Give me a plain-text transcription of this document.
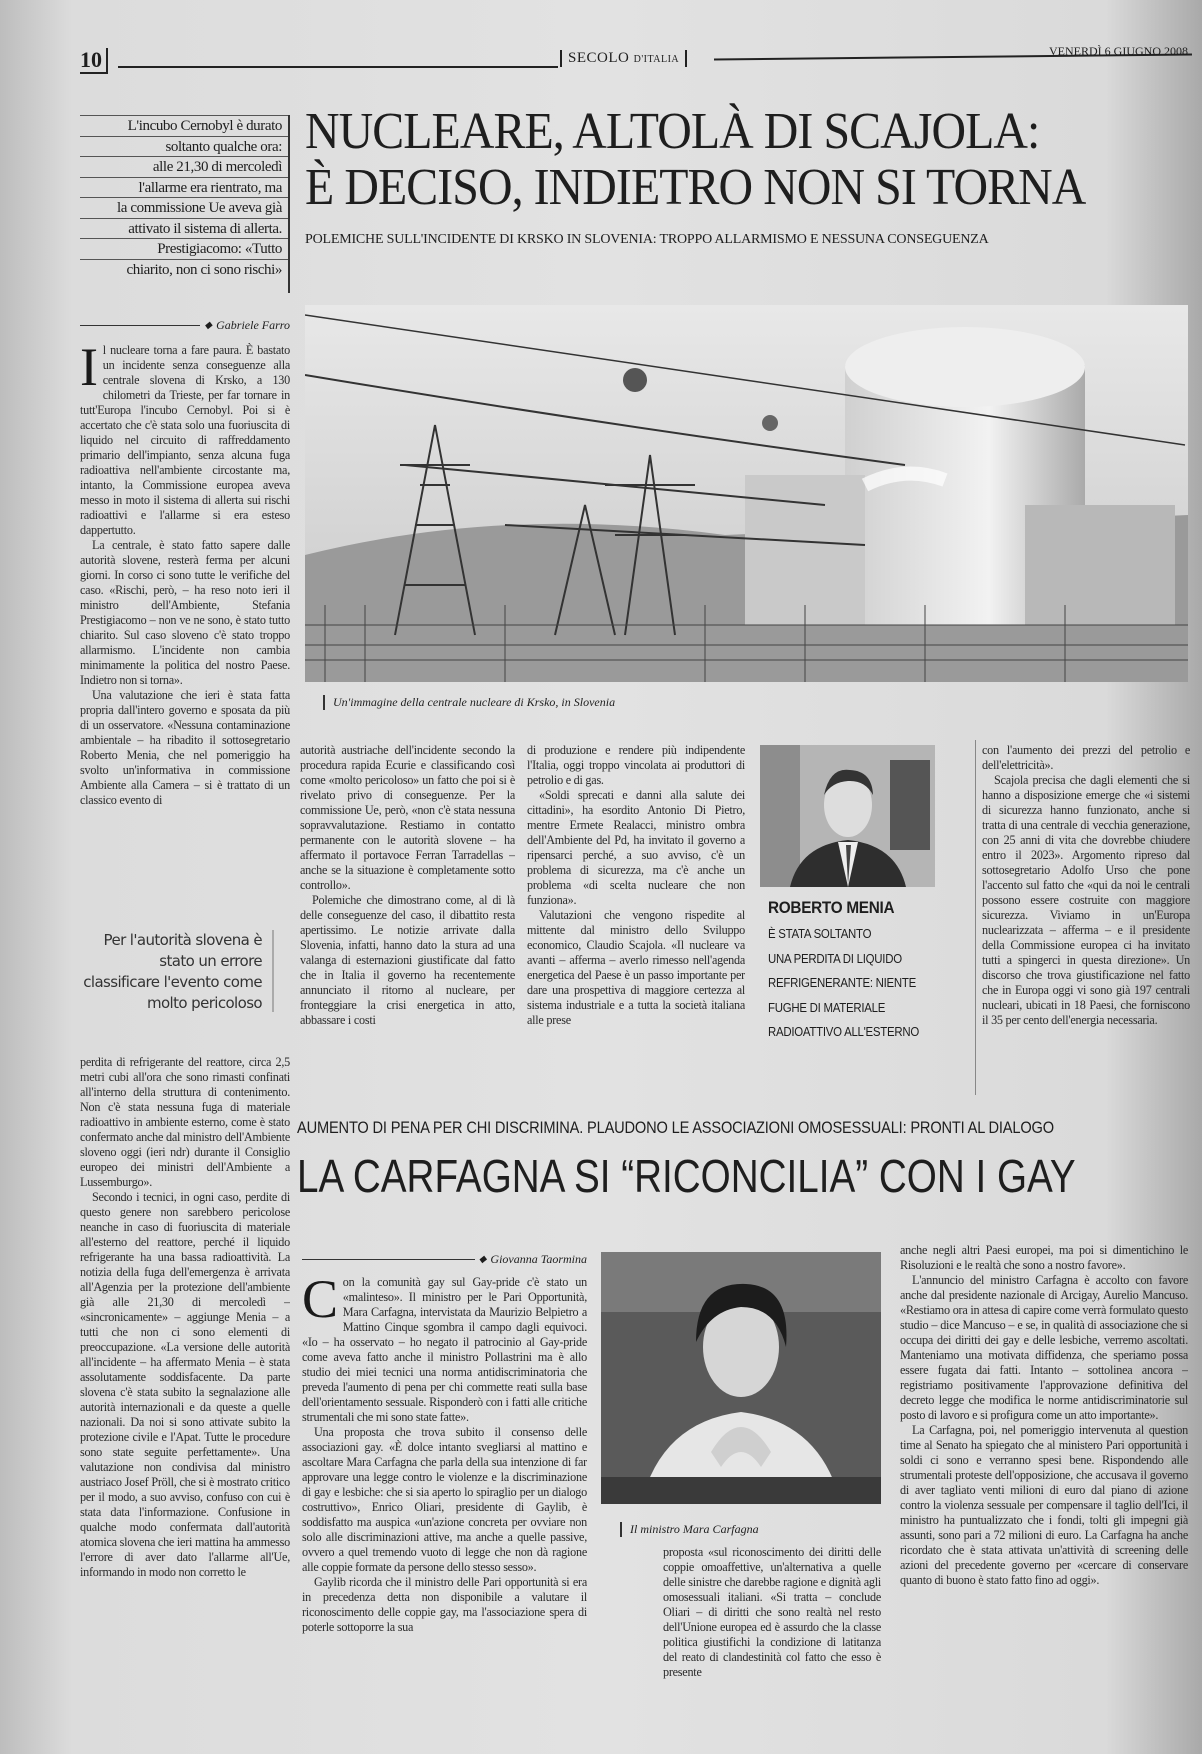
10	SECOLO D'ITALIA
VENERDÌ 6 GIUGNO 2008
L'incubo Cernobyl è durato
soltanto qualche ora:
alle 21,30 di mercoledì
l'allarme era rientrato, ma
la commissione Ue aveva già
attivato il sistema di allerta.
Prestigiacomo: «Tutto
chiarito, non ci sono rischi»
NUCLEARE, ALTOLÀ DI SCAJOLA:
È DECISO, INDIETRO NON SI TORNA
POLEMICHE SULL'INCIDENTE DI KRSKO IN SLOVENIA: TROPPO ALLARMISMO E NESSUNA CONSEGUENZA
Un'immagine della centrale nucleare di Krsko, in Slovenia
◆ Gabriele Farro
I l nucleare torna a fare paura. È bastato un incidente senza conseguenze alla centrale slovena di Krsko, a 130 chilometri da Trieste, per far tornare in tutt'Europa l'incubo Cernobyl. Poi si è accertato che c'è stata solo una fuoriuscita di liquido nel circuito di raffreddamento primario dell'impianto, senza alcuna fuga radioattiva nell'ambiente circostante ma, intanto, la Commissione europea aveva messo in moto il sistema di allerta sui rischi radioattivi e l'allarme si era esteso dappertutto.

La centrale, è stato fatto sapere dalle autorità slovene, resterà ferma per alcuni giorni. In corso ci sono tutte le verifiche del caso. «Rischi, però, – ha reso noto ieri il ministro dell'Ambiente, Stefania Prestigiacomo – non ve ne sono, è stato tutto chiarito. Sul caso sloveno c'è stato troppo allarmismo. L'incidente non cambia minimamente la politica del nostro Paese. Indietro non si torna».

Una valutazione che ieri è stata fatta propria dall'intero governo e sposata da più di un osservatore. «Nessuna contaminazione ambientale – ha ribadito il sottosegretario Roberto Menia, che nel pomeriggio ha svolto un'informativa in commissione Ambiente alla Camera – si è trattato di un classico evento di

Per l'autorità slovena è stato un errore classificare l'evento come molto pericoloso

perdita di refrigerante del reattore, circa 2,5 metri cubi all'ora che sono rimasti confinati all'interno della struttura di contenimento. Non c'è stata nessuna fuga di materiale radioattivo in ambiente esterno, come è stato confermato anche dal ministro dell'Ambiente sloveno oggi (ieri ndr) durante il Consiglio europeo dei ministri dell'Ambiente a Lussemburgo».

Secondo i tecnici, in ogni caso, perdite di questo genere non sarebbero pericolose neanche in caso di fuoriuscita di materiale all'esterno del reattore, perché il liquido refrigerante ha una bassa radioattività. La notizia della fuga dell'emergenza è arrivata all'Agenzia per la protezione dell'ambiente già alle 21,30 di mercoledì – «sincronicamente» – aggiunge Menia – a tutti che non ci sono elementi di preoccupazione. «La versione delle autorità all'incidente – ha affermato Menia – è stata assolutamente soddisfacente. Da parte slovena c'è stata subito la segnalazione alle autorità internazionali e da queste a quelle nazionali. Da noi si sono attivate subito la protezione civile e l'Apat. Tutte le procedure sono state seguite perfettamente». Una valutazione non condivisa dal ministro austriaco Josef Pröll, che si è mostrato critico per il modo, a suo avviso, confuso con cui è stata data l'informazione. Confusione in qualche modo confermata dall'autorità atomica slovena che ieri mattina ha ammesso l'errore di aver dato l'allarme all'Ue, informando in modo non corretto le

autorità austriache dell'incidente secondo la procedura rapida Ecurie e classificando così come «molto pericoloso» un fatto che poi si è rivelato privo di conseguenze. Per la commissione Ue, però, «non c'è stata nessuna sopravvalutazione. Restiamo in contatto permanente con le autorità slovene – ha affermato il portavoce Ferran Tarradellas – anche se la situazione è completamente sotto controllo».

Polemiche che dimostrano come, al di là delle conseguenze del caso, il dibattito resta apertissimo. Le notizie arrivate dalla Slovenia, infatti, hanno dato la stura ad una valanga di esternazioni giustificate dal fatto che in Italia il governo ha recentemente annunciato il ritorno al nucleare, per fronteggiare la crisi energetica in atto, abbassare i costi

di produzione e rendere più indipendente l'Italia, oggi troppo vincolata ai produttori di petrolio e di gas.

«Soldi sprecati e danni alla salute dei cittadini», ha esordito Antonio Di Pietro, mentre Ermete Realacci, ministro ombra dell'Ambiente del Pd, ha invitato il governo a ripensarci perché, a suo avviso, c'è un problema di sicurezza, ma c'è anche un problema «di scelta nucleare che non funziona».

Valutazioni che vengono rispedite al mittente dal ministro dello Sviluppo economico, Claudio Scajola. «Il nucleare va avanti – afferma – averlo rimesso nell'agenda energetica del Paese è un passo importante per dare una prospettiva di maggiore certezza al sistema industriale e a tutta la società italiana alle prese

ROBERTO MENIA
È STATA SOLTANTO
UNA PERDITA DI LIQUIDO
REFRIGENERANTE: NIENTE
FUGHE DI MATERIALE
RADIOATTIVO ALL'ESTERNO

con l'aumento dei prezzi del petrolio e dell'elettricità».

Scajola precisa che dagli elementi che si hanno a disposizione emerge che «i sistemi di sicurezza hanno funzionato, anche si tratta di una centrale di vecchia generazione, con 25 anni di vita che dovrebbe chiudere entro il 2023». Argomento ripreso dal sottosegretario Adolfo Urso che pone l'accento sul fatto che «qui da noi le centrali possono essere costruite con maggiore sicurezza. Viviamo in un'Europa nuclearizzata – afferma – e il presidente della Commissione europea ci ha invitato tutti a spingerci in questa direzione». Un discorso che trova giustificazione nel fatto che in Europa oggi vi sono già 197 centrali nucleari, ubicati in 18 Paesi, che forniscono il 35 per cento dell'energia necessaria.

AUMENTO DI PENA PER CHI DISCRIMINA. PLAUDONO LE ASSOCIAZIONI OMOSESSUALI: PRONTI AL DIALOGO
LA CARFAGNA SI “RICONCILIA” CON I GAY
◆ Giovanna Taormina
C on la comunità gay sul Gay-pride c'è stato un «malinteso». Il ministro per le Pari Opportunità, Mara Carfagna, intervistata da Maurizio Belpietro a Mattino Cinque sgombra il campo dagli equivoci. «Io – ha osservato – ho negato il patrocinio al Gay-pride come aveva fatto anche il ministro Pollastrini ma è allo studio dei miei tecnici una norma antidiscriminatoria che preveda l'aumento di pena per chi commette reati sulla base dell'orientamento sessuale. Risponderò con i fatti alle critiche strumentali che mi sono state fatte».

Una proposta che trova subito il consenso delle associazioni gay. «È dolce intanto svegliarsi al mattino e ascoltare Mara Carfagna che parla della sua intenzione di far approvare una legge contro le violenze e la discriminazione di gay e lesbiche: che si sia aperto lo spiraglio per un dialogo costruttivo», Enrico Oliari, presidente di Gaylib, è soddisfatto ma auspica «un'azione concreta per ovviare non solo alle discriminazioni attive, ma anche a quelle passive, ovvero a quel tremendo vuoto di legge che non dà ragione alle coppie formate da persone dello stesso sesso».

Gaylib ricorda che il ministro delle Pari opportunità si era in precedenza detta non disponibile a valutare il riconoscimento delle coppie gay, ma l'associazione spera di poterle sottoporre la sua

Il ministro Mara Carfagna

proposta «sul riconoscimento dei diritti delle coppie omoaffettive, un'alternativa a quelle delle sinistre che darebbe ragione e dignità agli omosessuali italiani. «Si tratta – conclude Oliari – di diritti che sono realtà nel resto dell'Unione europea ed è assurdo che la classe politica giustifichi la condizione di latitanza del reato di clandestinità col fatto che esso è presente

anche negli altri Paesi europei, ma poi si dimentichino le Risoluzioni e le realtà che sono a nostro favore».

L'annuncio del ministro Carfagna è accolto con favore anche dal presidente nazionale di Arcigay, Aurelio Mancuso. «Restiamo ora in attesa di capire come verrà formulato questo studio – dice Mancuso – e se, in qualità di associazione che si occupa dei diritti dei gay e delle lesbiche, verremo ascoltati. Manteniamo una motivata diffidenza, che speriamo possa essere fugata dai fatti. Intanto – sottolinea ancora – registriamo positivamente l'approvazione definitiva del decreto legge che modifica le norme antidiscriminatorie sul posto di lavoro e si profigura come un atto importante».

La Carfagna, poi, nel pomeriggio intervenuta al question time al Senato ha spiegato che al ministero Pari opportunità i soldi ci sono e verranno spesi bene. Rispondendo alle strumentali proteste dell'opposizione, che accusava il governo di aver tagliato venti milioni di euro dal piano di azione contro la violenza sessuale per compensare il taglio dell'Ici, il ministro ha puntualizzato che i fondi, tolti gli impegni già assunti, sono pari a 72 milioni di euro. La Carfagna ha anche ricordato che è stata attivata un'attività di screening delle azioni del precedente governo per «cercare di conservare quanto di buono è stato fatto fino ad oggi».
